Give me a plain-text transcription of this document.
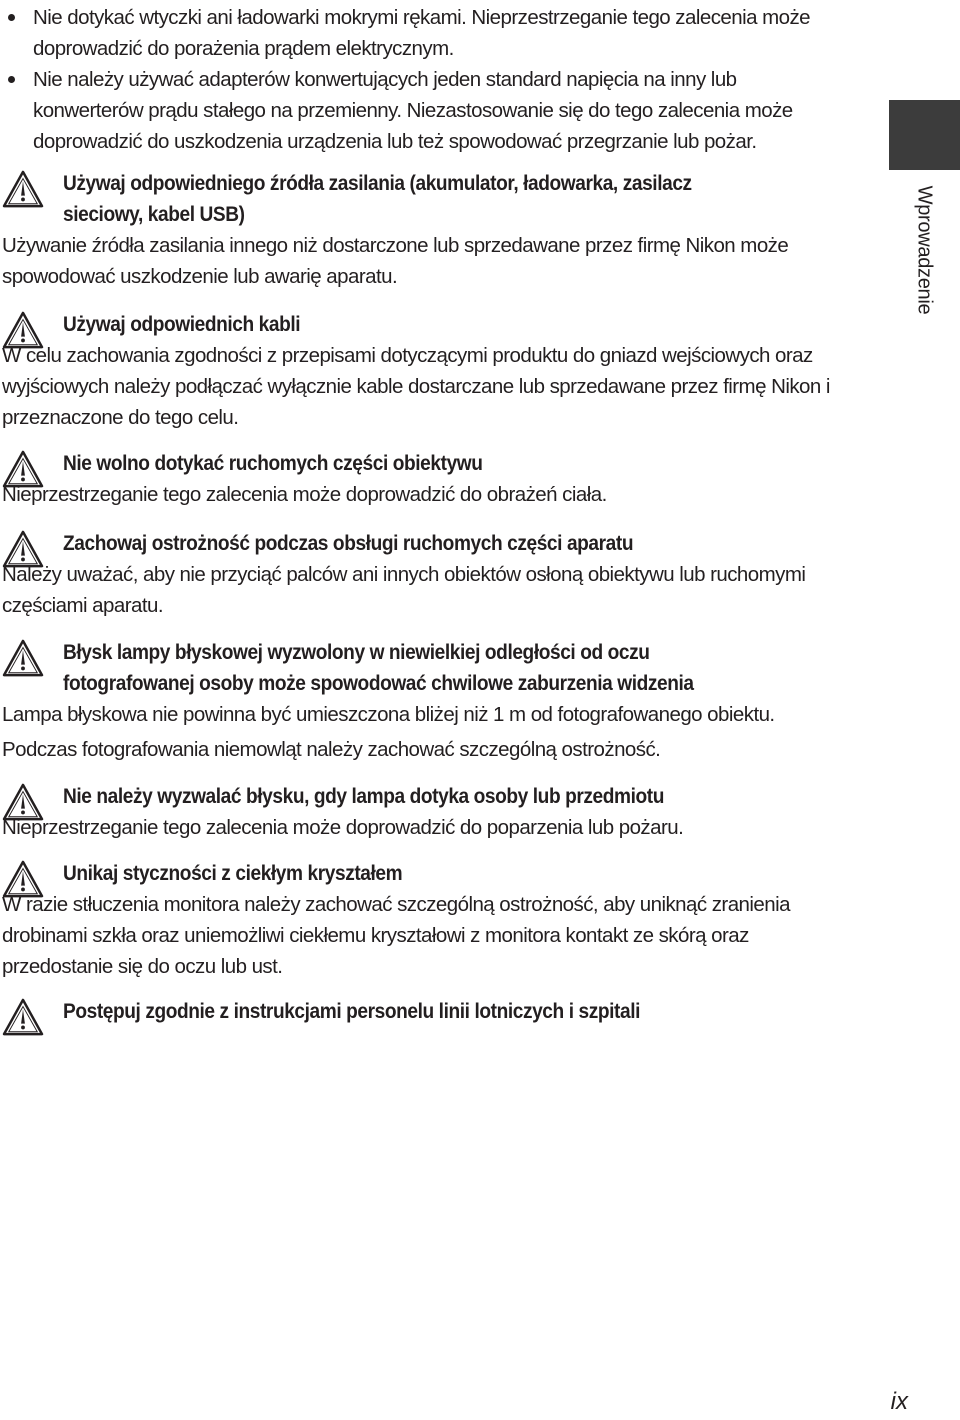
Nie dotykać wtyczki ani ładowarki mokrymi rękami. Nieprzestrzeganie tego zalecenia może doprowadzić do porażenia prądem elektrycznym.
Nie należy używać adapterów konwertujących jeden standard napięcia na inny lub konwerterów prądu stałego na przemienny. Niezastosowanie się do tego zalecenia może doprowadzić do uszkodzenia urządzenia lub też spowodować przegrzanie lub pożar.
Używaj odpowiedniego źródła zasilania (akumulator, ładowarka, zasilacz
sieciowy, kabel USB)

Używanie źródła zasilania innego niż dostarczone lub sprzedawane przez firmę Nikon może spowodować uszkodzenie lub awarię aparatu.

Używaj odpowiednich kabli

W celu zachowania zgodności z przepisami dotyczącymi produktu do gniazd wejściowych oraz wyjściowych należy podłączać wyłącznie kable dostarczane lub sprzedawane przez firmę Nikon i przeznaczone do tego celu.

Nie wolno dotykać ruchomych części obiektywu

Nieprzestrzeganie tego zalecenia może doprowadzić do obrażeń ciała.

Zachowaj ostrożność podczas obsługi ruchomych części aparatu

Należy uważać, aby nie przyciąć palców ani innych obiektów osłoną obiektywu lub ruchomymi częściami aparatu.

Błysk lampy błyskowej wyzwolony w niewielkiej odległości od oczu
fotografowanej osoby może spowodować chwilowe zaburzenia widzenia

Lampa błyskowa nie powinna być umieszczona bliżej niż 1 m od fotografowanego obiektu.

Podczas fotografowania niemowląt należy zachować szczególną ostrożność.

Nie należy wyzwalać błysku, gdy lampa dotyka osoby lub przedmiotu

Nieprzestrzeganie tego zalecenia może doprowadzić do poparzenia lub pożaru.

Unikaj styczności z ciekłym kryształem

W razie stłuczenia monitora należy zachować szczególną ostrożność, aby uniknąć zranienia drobinami szkła oraz uniemożliwi ciekłemu kryształowi z monitora kontakt ze skórą oraz przedostanie się do oczu lub ust.

Postępuj zgodnie z instrukcjami personelu linii lotniczych i szpitali
Wprowadzenie
ix
